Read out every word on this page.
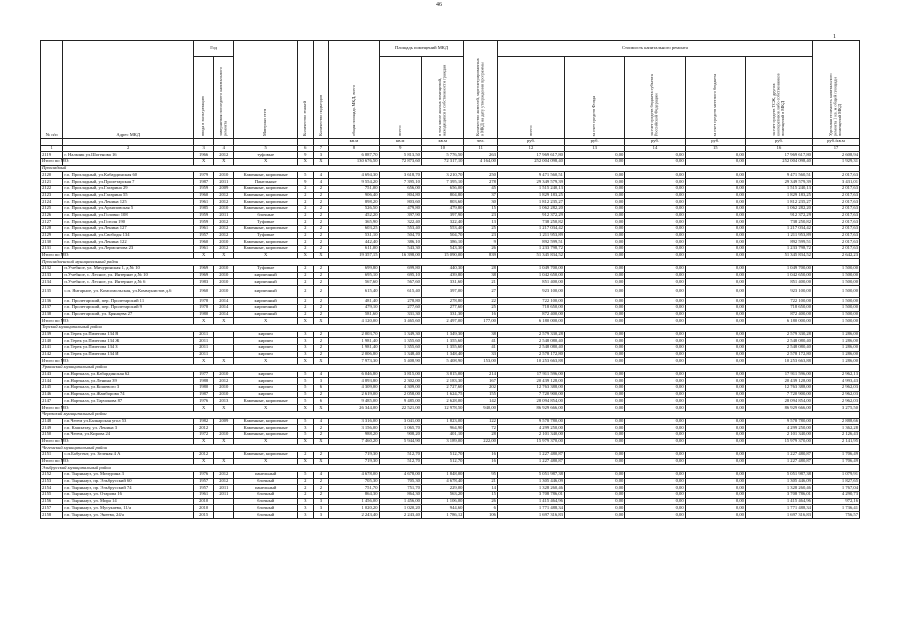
46
1
№ п/п	Адрес МКД	Год		Материал стен	Количество этажей	Количество подъездов	общая площадь МКД, всего	Площадь помещений МКД		Количество жителей, зарегистрированных в МКД на дату утверждения программы	Стоимость капитального ремонта					Удельная стоимость капитального ремонта 1 кв. м общей площади помещений МКД
		ввода в эксплуатацию	завершения последнего капитального ремонта					всего:	в том числе жилых помещений, находящихся в собственности граждан		всего:	за счет средств Фонда	за счет средств бюджета субъекта Российской Федерации	за счет средств местного бюджета	за счет средств ТСЖ, других кооперативов либо собственников помещений в МКД	
							кв.м	кв.м	кв.м	чел.	руб.	руб.	руб.	руб.	руб.	руб./кв.м
1	2	3	4	5	6	7	8	9	10	11	12	13	14	15	16	17
2119	г. Нальчик ул.Шогенова 16	1966	2012	туфовые	9	3	6 887,70	5 813,50	5 776,50	263	17 969 617,80	0,00	0,00	0,00	17 969 617,80	2 608,94
Итого по МО:		X	X	X	X	X	130 676,50	72 873,60	72 317,10	4 164,00	252 004 098,40	0,00	0,00	0,00	252 004 098,40	1 929,31
Прохладный																
2120	г.о. Прохладный, ул.Кабардинская 60	1979	2010	Каменные, кирпичные	5	4	4 694,30	3 618,70	3 210,70	250	9 471 560,51	0,00	0,00	0,00	9 471 560,51	2 017,63
2121	г.о. Прохладный, ул.Пролетарская 7	1987	2011	Панельные	9	4	9 554,20	7 395,10	7 395,10	278	29 349 579,39	0,00	0,00	0,00	29 349 579,39	3 431,01
2122	г.о. Прохладный, ул.Гагарина 29	1959	2009	Каменные, кирпичные	2	2	751,00	656,00	656,00	45	1 515 240,13	0,00	0,00	0,00	1 515 240,13	2 017,63
2123	г.о. Прохладный, ул.Гагарина 55	1960	2012	Каменные, кирпичные	2	2	906,40	804,80	804,80	37	1 829 183,25	0,00	0,00	0,00	1 829 183,25	2 017,63
2124	г.о. Прохладный, ул.Ленина 125	1961	2012	Каменные, кирпичные	2	2	898,20	803,60	803,60	30	1 812 235,27	0,00	0,00	0,00	1 812 235,27	2 017,63
2125	г.о. Прохладный, ул.Архиповская 5	1985	2010	Каменные, кирпичные	2	2	526,50	479,80	479,80	15	1 062 282,20	0,00	0,00	0,00	1 062 282,20	2 017,63
2126	г.о. Прохладный, ул.Головко 108	1959	2011	блочные	2	2	452,20	397,90	397,90	23	912 372,29	0,00	0,00	0,00	912 372,29	2 017,63
2127	г.о. Прохладный, ул.Гоголя 190	1959	2012	Туфовые	2	2	365,90	322,40	322,40	13	738 250,82	0,00	0,00	0,00	738 250,82	2 017,63
2128	г.о. Прохладный, ул.Ленина 127	1961	2012	Каменные, кирпичные	2	2	603,25	553,40	553,40	25	1 217 034,42	0,00	0,00	0,00	1 217 034,42	2 017,63
2129	г.о. Прохладный, ул.Свободы 134	1957	2012	Туфовые	2	2	531,10	504,70	504,70	23	1 211 953,89	0,00	0,00	0,00	1 211 953,89	2 017,63
2130	г.о. Прохладный, ул.Ленина 122	1960	2010	Каменные, кирпичные	2	2	442,40	386,10	386,10	9	892 599,51	0,00	0,00	0,00	892 599,51	2 017,63
2131	г.о. Прохладный, ул.Лермонтова 23	1961	2012	Каменные, кирпичные	2	2	611,00	543,30	543,30	26	1 233 798,72	0,00	0,00	0,00	1 233 798,72	2 017,63
Итого по МО:		X	X	X	X	X	19 357,15	16 398,00	15 090,00	839	51 345 834,52	0,00	0,00	0,00	51 345 834,52	2 642,23
Прохладненский муниципальный район																
2132	п.Учебное, ул. Мичуринская 1, д.№ 10	1969	2010	Туфовые	2	2	699,80	699,80	440,30	28	1 049 700,00	0,00	0,00	0,00	1 049 700,00	1 500,00
2133	п.Учебное, с. Лесное, ул. Интернат д.№ 10	1969	2010	кирпичный	2	2	695,10	695,10	439,80	38	1 042 650,00	0,00	0,00	0,00	1 042 650,00	1 500,00
2134	п.Учебное, с. Лесное, ул. Интернат д.№ 6	1983	2010	кирпичный	2	2	567,60	567,60	331,60	21	851 400,00	0,00	0,00	0,00	851 400,00	1 500,00
2135	с.п. Янтарное, ул. Комсомольская, ул.Коммунистов д.6	1960	2010	кирпичный	2	2	615,40	615,40	397,00	27	923 100,00	0,00	0,00	0,00	923 100,00	1 500,00
2136	г.п. Пролетарский, пер. Пролетарский 11	1978	2014	кирпичный	2	2	481,40	278,80	278,80	22	722 100,00	0,00	0,00	0,00	722 100,00	1 500,00
2137	г.п. Пролетарский, пер. Пролетарский 9	1978	2014	кирпичный	2	2	479,10	277,60	277,60	25	718 650,00	0,00	0,00	0,00	718 650,00	1 500,00
2138	г.п. Пролетарский, ул. Брянцева 27	1980	2014	кирпичный	2	2	581,60	331,30	331,30	16	872 400,00	0,00	0,00	0,00	872 400,00	1 500,00
Итого по МО:		X	X	X	X	X	4 120,00	3 465,60	2 497,00	177,00	6 180 000,00	0,00	0,00	0,00	6 180 000,00	1 500,00
Терский муниципальный район																
2139	г.п.Терек ул.Пачегова 134 В	2011		кирпич	3	2	2 003,70	1 349,30	1 349,30	38	2 579 330,28	0,00	0,00	0,00	2 579 330,28	1 286,00
2140	г.п.Терек ул.Пачегова 134 Ж	2011		кирпич	3	2	1 981,40	1 355,60	1 355,60	41	2 548 080,40	0,00	0,00	0,00	2 548 080,40	1 286,00
2141	г.п.Терек ул.Пачегова 134 З	2011		кирпич	3	2	1 981,40	1 355,60	1 355,60	41	2 548 080,40	0,00	0,00	0,00	2 548 080,40	1 286,00
2142	г.п.Терек ул.Пачегова 134 И	2011		кирпич	3	2	2 006,80	1 348,40	1 348,40	33	2 578 172,80	0,00	0,00	0,00	2 578 172,80	1 286,00
Итого по МО:		X	X	X	X	X	7 973,30	5 408,90	5 408,90	153,00	10 253 663,88	0,00	0,00	0,00	10 253 663,88	1 286,00
Урванский муниципальный район																
2143	г.п.Нарткала, ул.Кабардинская 62	1977	2010	кирпич	5	4	6 046,80	3 815,00	3 815,00	214	17 911 596,00	0,00	0,00	0,00	17 911 596,00	2 962,13
2144	г.п.Нарткала, ул.Ленина 39	1988	2012	кирпич	5	3	4 893,80	2 302,00	2 183,30	167	20 439 128,00	0,00	0,00	0,00	20 439 128,00	4 993,43
2145	г.п.Нарткала, ул.Кошевого 3	1980	2010	кирпич	5	6	4 309,00	4 309,00	2 727,60	202	12 763 388,00	0,00	0,00	0,00	12 763 388,00	2 962,03
2146	г.п.Нарткала, ул.Жамборова 74	1987	2010	кирпич	5	2	2 619,00	2 058,00	1 624,75	155	7 720 900,00	0,00	0,00	0,00	7 720 900,00	2 962,03
2147	г.п.Нарткала, ул.Тарчокова 87	1976	2013	Каменные, кирпичные	5	6	9 485,00	9 485,00	2 628,00	142	28 094 854,00	0,00	0,00	0,00	28 094 854,00	2 962,03
Итого по МО:		X	X	X	X	X	26 344,00	22 521,00	12 978,50	940,00	86 929 666,00	0,00	0,00	0,00	86 929 666,00	3 275,50
Черекский муниципальный район																
2148	г.п.Чегем ул.Балкарская угол 53	1982	2009	Каменные, кирпичные	5	4	3 316,00	3 041,00	1 823,00	122	9 578 780,00	0,00	0,00	0,00	9 578 780,00	2 888,66
2149	г.п. Кашхатау, ул. Ленина 3	2012		Каменные, кирпичные	3	2	3 156,00	1 065,70	964,90	72	4 299 250,00	0,00	0,00	0,00	4 299 250,00	1 362,28
2150	г.п.Чегем, ул.Кирова 24	1972	2010	Каменные, кирпичные	5	2	988,20	908,20	401,10	28	2 101 340,00	0,00	0,00	0,00	2 101 340,00	2 126,43
Итого по МО:		X	X	X	X	X	7 460,20	5 944,90	3 189,00	222,00	15 979 370,00	0,00	0,00	0,00	15 979 370,00	2 141,95
Чегемский муниципальный район																
2151	с.п.Бабугент, ул. Зеленая 4 А	2012		Каменные, кирпичные	2	2	719,30	512,70	512,70	16	1 227 480,87	0,00	0,00	0,00	1 227 480,87	1 706,49
Итого по МО:		X	X	X	X	X	719,30	512,70	512,70	16	1 227 480,87	0,00	0,00	0,00	1 227 480,87	1 706,49
Эльбрусский муниципальный район																
2152	г.п. Тырныауз, ул. Мичурина 3	1976	2012	панельный	5	4	4 678,00	4 678,00	1 848,00	95	5 051 987,38	0,00	0,00	0,00	5 051 987,38	1 079,91
2153	г.п. Тырныауз, пр. Эльбрусский 60	1957	2012	блочный	2	2	705,30	705,30	4 678,40	21	1 305 446,09	0,00	0,00	0,00	1 305 446,09	1 827,65
2154	г.п. Тырныауз, пр. Эльбрусский 74	1957	2011	панельный	2	2	751,70	751,70	229,00	14	1 328 260,46	0,00	0,00	0,00	1 328 260,46	1 767,04
2155	г.п. Тырныауз, ул. Отарова 16	1961	2011	блочный	2	2	864,30	864,30	563,20	15	3 708 786,01	0,00	0,00	0,00	3 708 786,01	4 290,73
2156	г.п. Тырныауз, ул. Мира 14	2010		блочный	3	3	1 456,00	1 456,00	1 106,00	26	1 415 464,96	0,00	0,00	0,00	1 415 464,96	972,16
2157	г.п. Тырныауз, ул. Мусукаева, 11/а	2010		блочный	3	3	1 020,20	1 020,20	944,60	6	1 771 488,34	0,00	0,00	0,00	1 771 488,34	1 736,41
2158	г.п. Тырныауз, ул. Энеева, 24/а	2015		блочный	3	3	2 243,40	2 243,40	1 786,12	106	1 697 316,83	0,00	0,00	0,00	1 697 316,83	756,57
